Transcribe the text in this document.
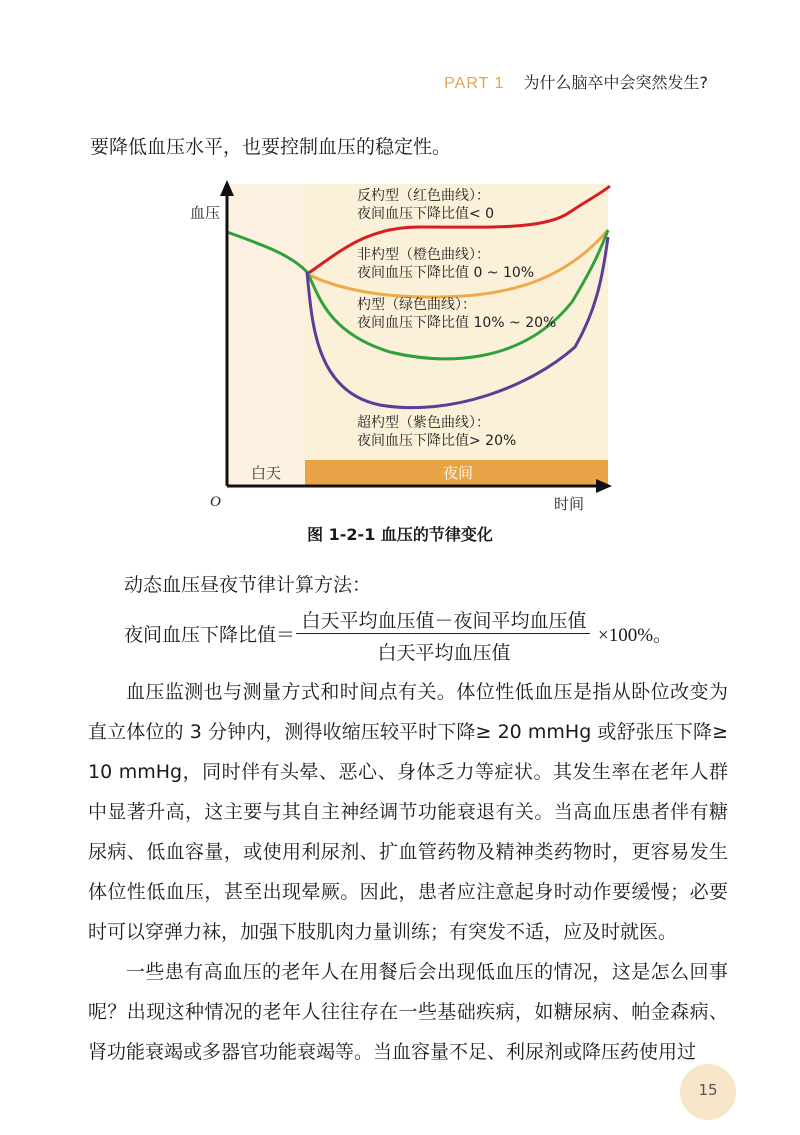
PART 1 为什么脑卒中会突然发生?
要降低血压水平，也要控制血压的稳定性。
白天	夜间
血压
时间
O
反杓型（红色曲线）：
夜间血压下降比值< 0
非杓型（橙色曲线）：
夜间血压下降比值 0 ~ 10%
杓型（绿色曲线）：
夜间血压下降比值 10% ~ 20%
超杓型（紫色曲线）：
夜间血压下降比值> 20%
图 1-2-1 血压的节律变化
动态血压昼夜节律计算方法：
夜间血压下降比值＝
白天平均血压值－夜间平均血压值
白天平均血压值
×100%。

血压监测也与测量方式和时间点有关。体位性低血压是指从卧位改变为直立体位的 3 分钟内，测得收缩压较平时下降≥ 20 mmHg 或舒张压下降≥ 10 mmHg，同时伴有头晕、恶心、身体乏力等症状。其发生率在老年人群中显著升高，这主要与其自主神经调节功能衰退有关。当高血压患者伴有糖尿病、低血容量，或使用利尿剂、扩血管药物及精神类药物时，更容易发生体位性低血压，甚至出现晕厥。因此，患者应注意起身时动作要缓慢；必要时可以穿弹力袜，加强下肢肌肉力量训练；有突发不适，应及时就医。

一些患有高血压的老年人在用餐后会出现低血压的情况，这是怎么回事呢？出现这种情况的老年人往往存在一些基础疾病，如糖尿病、帕金森病、肾功能衰竭或多器官功能衰竭等。当血容量不足、利尿剂或降压药使用过

15
